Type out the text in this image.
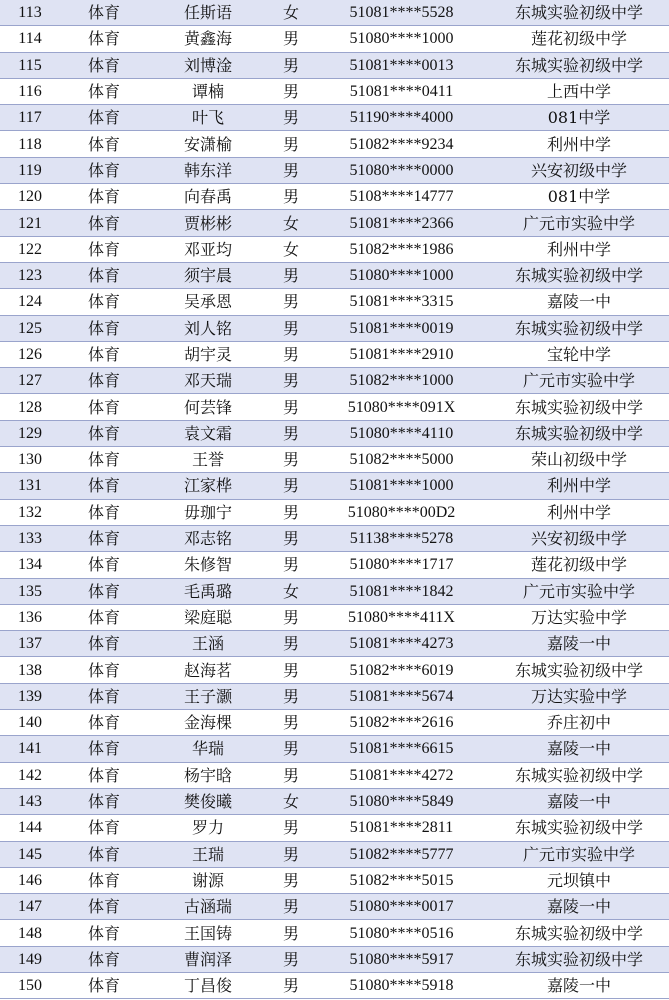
113	体育	任斯语	女	51081****5528	东城实验初级中学
114	体育	黄鑫海	男	51080****1000	莲花初级中学
115	体育	刘博淦	男	51081****0013	东城实验初级中学
116	体育	谭楠	男	51081****0411	上西中学
117	体育	叶飞	男	51190****4000	081中学
118	体育	安潇榆	男	51082****9234	利州中学
119	体育	韩东洋	男	51080****0000	兴安初级中学
120	体育	向春禹	男	5108****14777	081中学
121	体育	贾彬彬	女	51081****2366	广元市实验中学
122	体育	邓亚均	女	51082****1986	利州中学
123	体育	须宇晨	男	51080****1000	东城实验初级中学
124	体育	吴承恩	男	51081****3315	嘉陵一中
125	体育	刘人铭	男	51081****0019	东城实验初级中学
126	体育	胡宇灵	男	51081****2910	宝轮中学
127	体育	邓天瑞	男	51082****1000	广元市实验中学
128	体育	何芸锋	男	51080****091X	东城实验初级中学
129	体育	袁文霜	男	51080****4110	东城实验初级中学
130	体育	王誉	男	51082****5000	荣山初级中学
131	体育	江家桦	男	51081****1000	利州中学
132	体育	毋珈宁	男	51080****00D2	利州中学
133	体育	邓志铭	男	51138****5278	兴安初级中学
134	体育	朱修智	男	51080****1717	莲花初级中学
135	体育	毛禹璐	女	51081****1842	广元市实验中学
136	体育	梁庭聪	男	51080****411X	万达实验中学
137	体育	王涵	男	51081****4273	嘉陵一中
138	体育	赵海茗	男	51082****6019	东城实验初级中学
139	体育	王子灏	男	51081****5674	万达实验中学
140	体育	金海棵	男	51082****2616	乔庄初中
141	体育	华瑞	男	51081****6615	嘉陵一中
142	体育	杨宇晗	男	51081****4272	东城实验初级中学
143	体育	樊俊曦	女	51080****5849	嘉陵一中
144	体育	罗力	男	51081****2811	东城实验初级中学
145	体育	王瑞	男	51082****5777	广元市实验中学
146	体育	谢源	男	51082****5015	元坝镇中
147	体育	古涵瑞	男	51080****0017	嘉陵一中
148	体育	王国铸	男	51080****0516	东城实验初级中学
149	体育	曹润泽	男	51080****5917	东城实验初级中学
150	体育	丁昌俊	男	51080****5918	嘉陵一中
